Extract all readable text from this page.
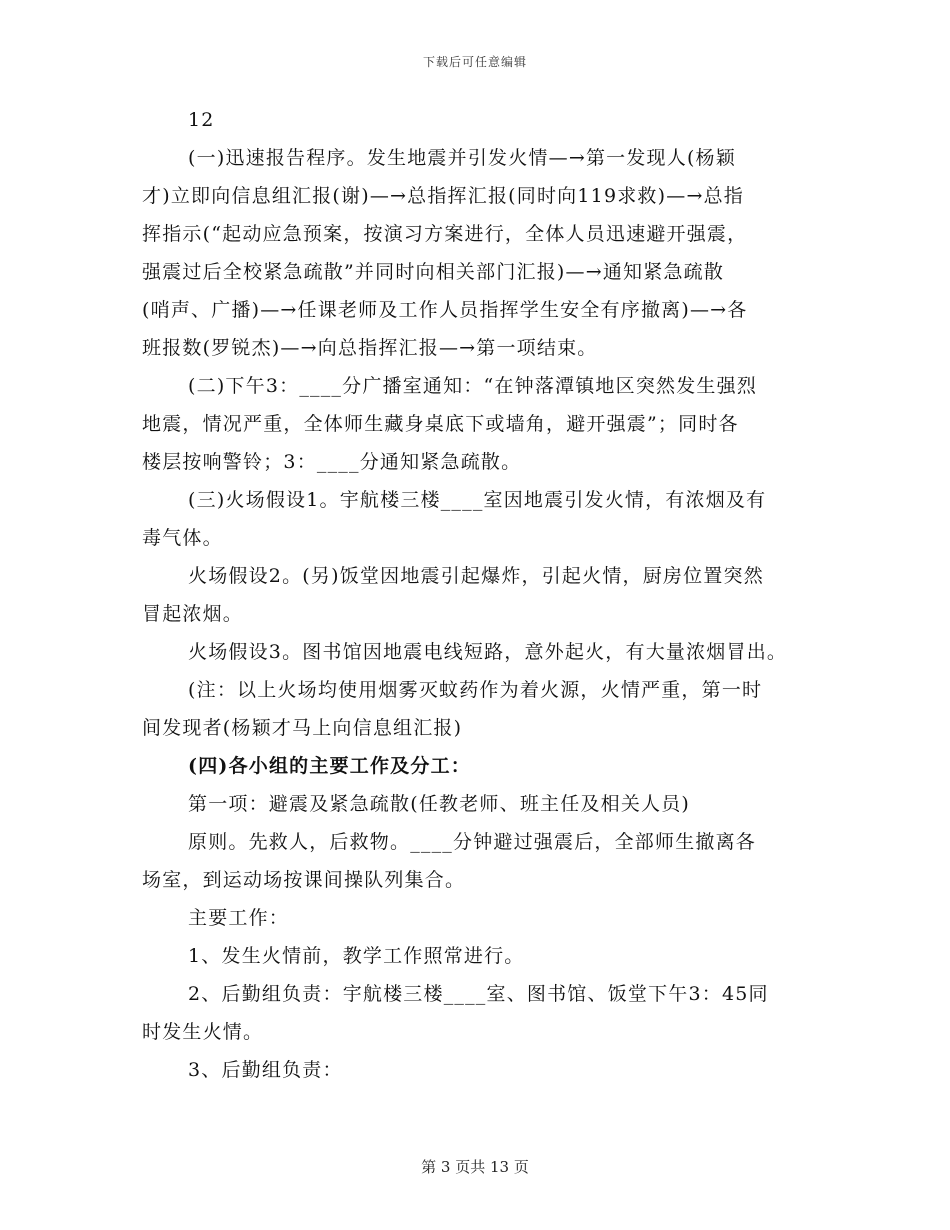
下载后可任意编辑
12
(一)迅速报告程序。发生地震并引发火情—→第一发现人(杨颖
才)立即向信息组汇报(谢)—→总指挥汇报(同时向119求救)—→总指
挥指示(“起动应急预案，按演习方案进行，全体人员迅速避开强震，
强震过后全校紧急疏散”并同时向相关部门汇报)—→通知紧急疏散
(哨声、广播)—→任课老师及工作人员指挥学生安全有序撤离)—→各
班报数(罗锐杰)—→向总指挥汇报—→第一项结束。
(二)下午3：____分广播室通知：“在钟落潭镇地区突然发生强烈
地震，情况严重，全体师生藏身桌底下或墙角，避开强震”；同时各
楼层按响警铃；3：____分通知紧急疏散。
(三)火场假设1。宇航楼三楼____室因地震引发火情，有浓烟及有
毒气体。
火场假设2。(另)饭堂因地震引起爆炸，引起火情，厨房位置突然
冒起浓烟。
火场假设3。图书馆因地震电线短路，意外起火，有大量浓烟冒出。
(注：以上火场均使用烟雾灭蚊药作为着火源，火情严重，第一时
间发现者(杨颖才马上向信息组汇报)
(四)各小组的主要工作及分工：
第一项：避震及紧急疏散(任教老师、班主任及相关人员)
原则。先救人，后救物。____分钟避过强震后，全部师生撤离各
场室，到运动场按课间操队列集合。
主要工作：
1、发生火情前，教学工作照常进行。
2、后勤组负责：宇航楼三楼____室、图书馆、饭堂下午3：45同
时发生火情。
3、后勤组负责：
第 3 页共 13 页
